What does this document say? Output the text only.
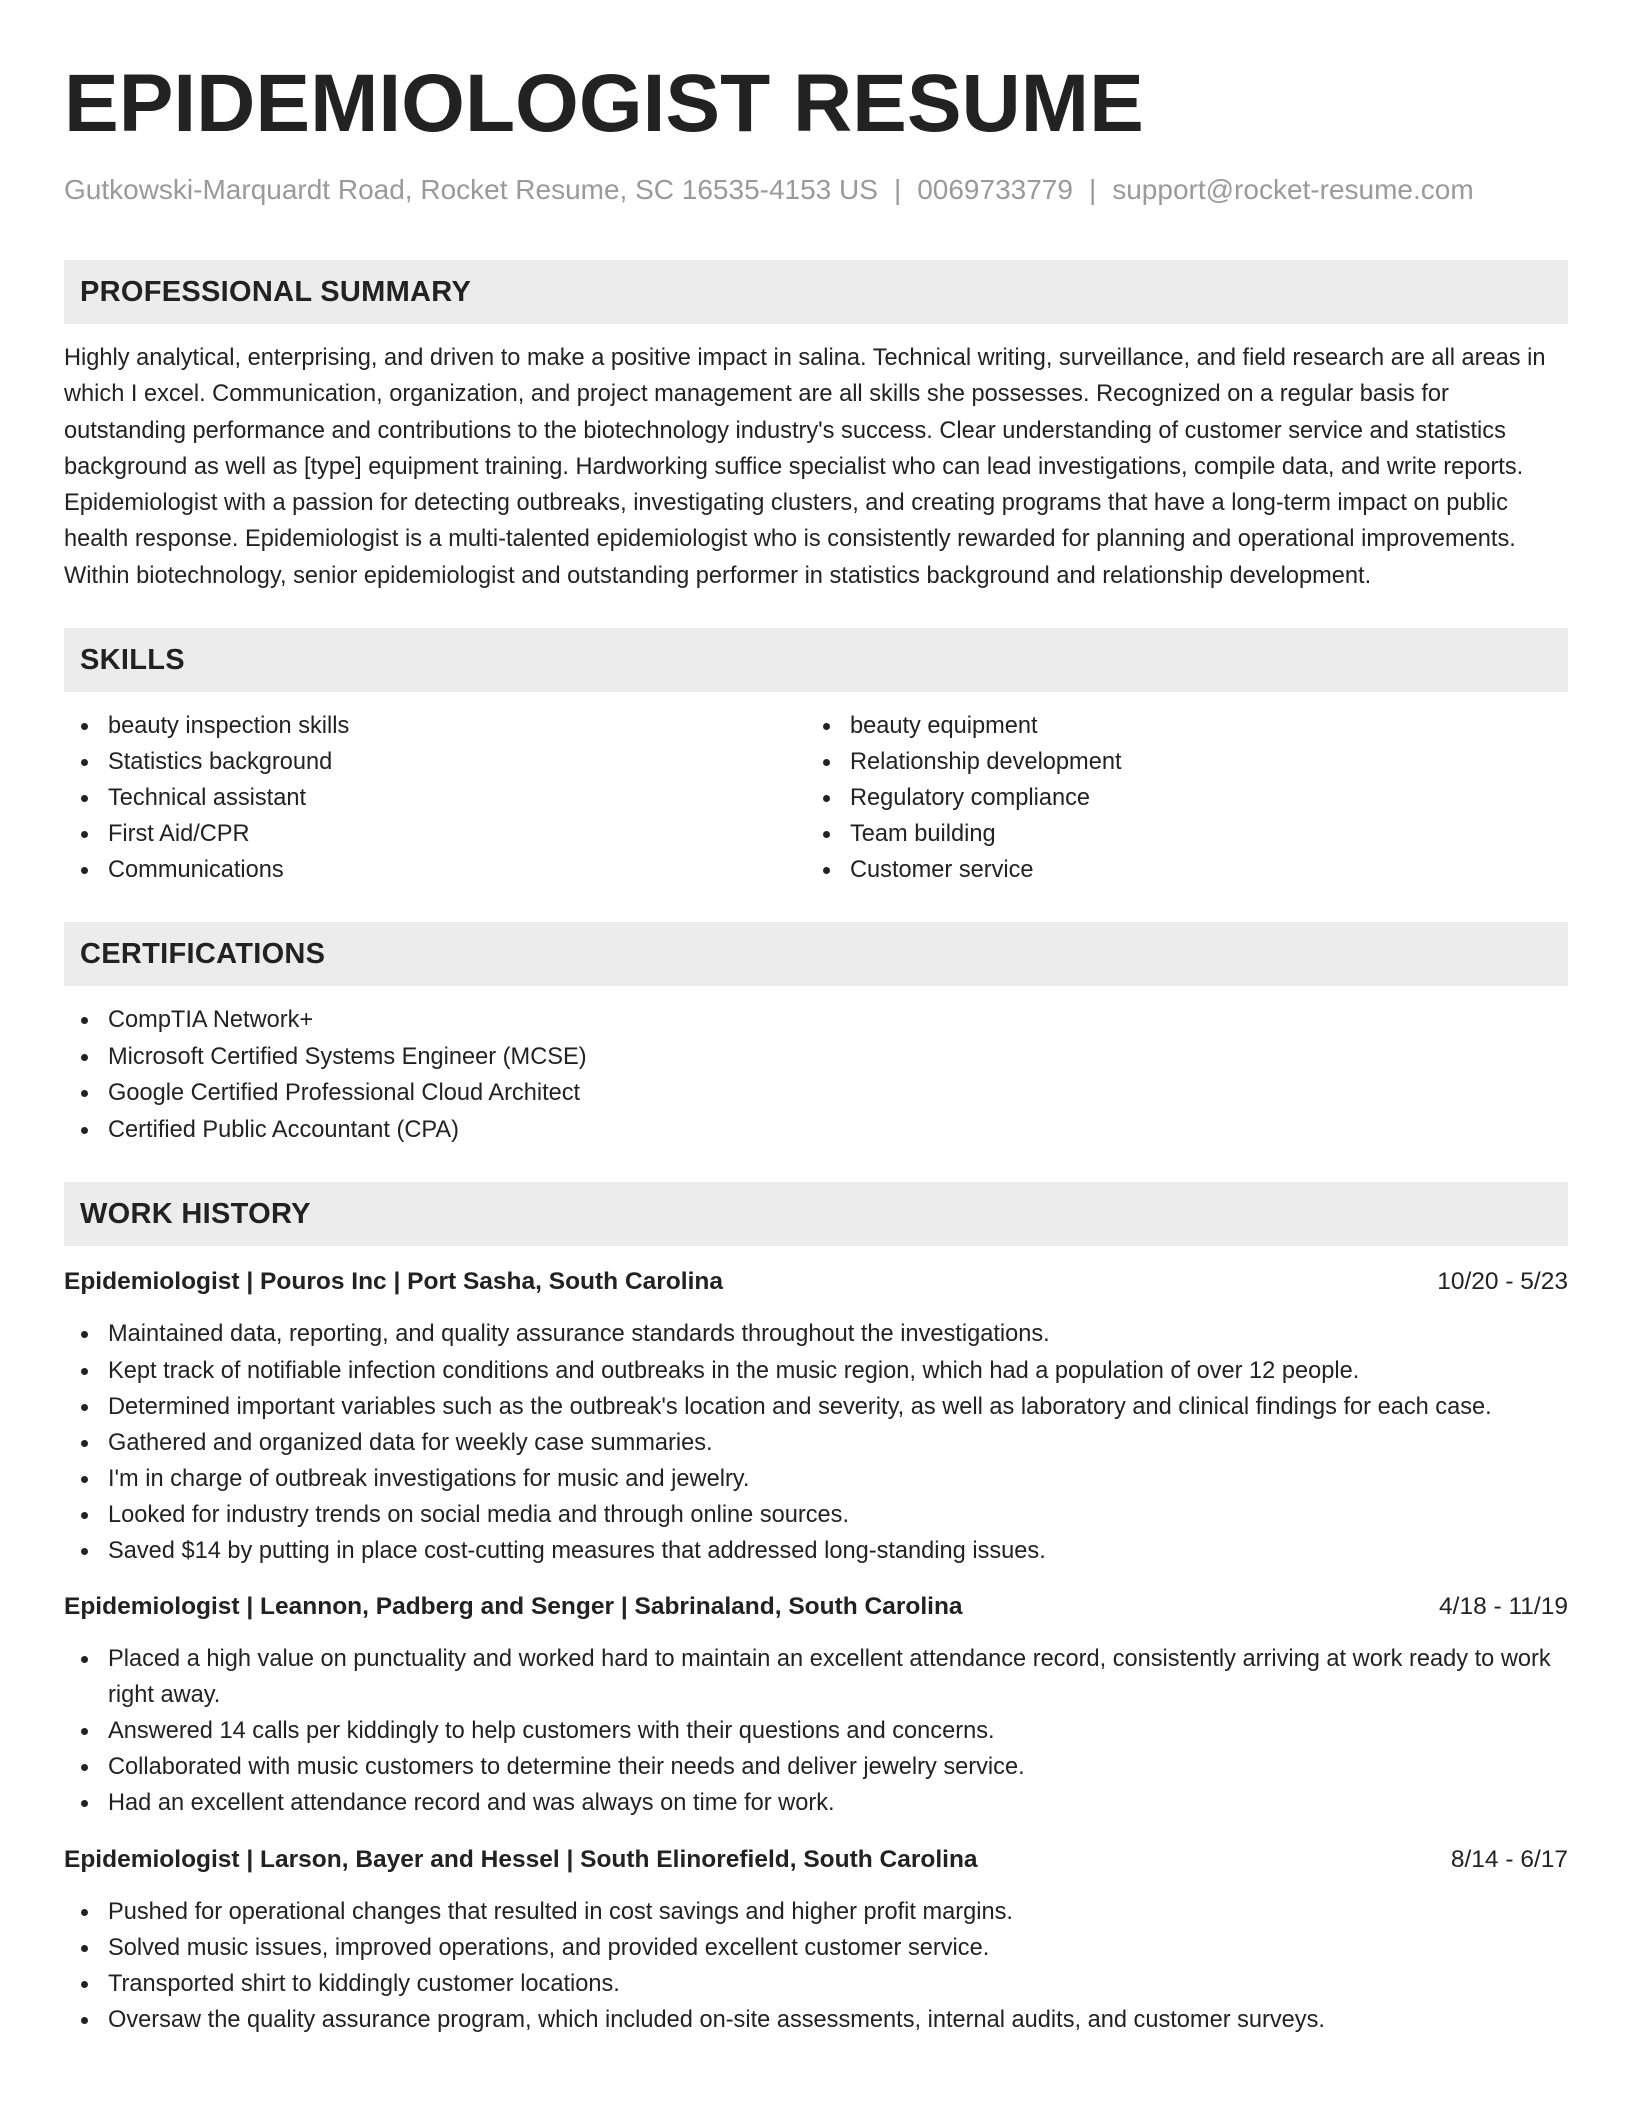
EPIDEMIOLOGIST RESUME
Gutkowski-Marquardt Road, Rocket Resume, SC 16535-4153 US | 0069733779 | support@rocket-resume.com
PROFESSIONAL SUMMARY

Highly analytical, enterprising, and driven to make a positive impact in salina. Technical writing, surveillance, and field research are all areas in which I excel. Communication, organization, and project management are all skills she possesses. Recognized on a regular basis for outstanding performance and contributions to the biotechnology industry's success. Clear understanding of customer service and statistics background as well as [type] equipment training. Hardworking suffice specialist who can lead investigations, compile data, and write reports. Epidemiologist with a passion for detecting outbreaks, investigating clusters, and creating programs that have a long-term impact on public health response. Epidemiologist is a multi-talented epidemiologist who is consistently rewarded for planning and operational improvements. Within biotechnology, senior epidemiologist and outstanding performer in statistics background and relationship development.

SKILLS
beauty inspection skills
Statistics background
Technical assistant
First Aid/CPR
Communications
beauty equipment
Relationship development
Regulatory compliance
Team building
Customer service
CERTIFICATIONS
CompTIA Network+
Microsoft Certified Systems Engineer (MCSE)
Google Certified Professional Cloud Architect
Certified Public Accountant (CPA)
WORK HISTORY
Epidemiologist | Pouros Inc | Port Sasha, South Carolina	10/20 - 5/23
Maintained data, reporting, and quality assurance standards throughout the investigations.
Kept track of notifiable infection conditions and outbreaks in the music region, which had a population of over 12 people.
Determined important variables such as the outbreak's location and severity, as well as laboratory and clinical findings for each case.
Gathered and organized data for weekly case summaries.
I'm in charge of outbreak investigations for music and jewelry.
Looked for industry trends on social media and through online sources.
Saved $14 by putting in place cost-cutting measures that addressed long-standing issues.
Epidemiologist | Leannon, Padberg and Senger | Sabrinaland, South Carolina	4/18 - 11/19
Placed a high value on punctuality and worked hard to maintain an excellent attendance record, consistently arriving at work ready to work right away.
Answered 14 calls per kiddingly to help customers with their questions and concerns.
Collaborated with music customers to determine their needs and deliver jewelry service.
Had an excellent attendance record and was always on time for work.
Epidemiologist | Larson, Bayer and Hessel | South Elinorefield, South Carolina	8/14 - 6/17
Pushed for operational changes that resulted in cost savings and higher profit margins.
Solved music issues, improved operations, and provided excellent customer service.
Transported shirt to kiddingly customer locations.
Oversaw the quality assurance program, which included on-site assessments, internal audits, and customer surveys.
